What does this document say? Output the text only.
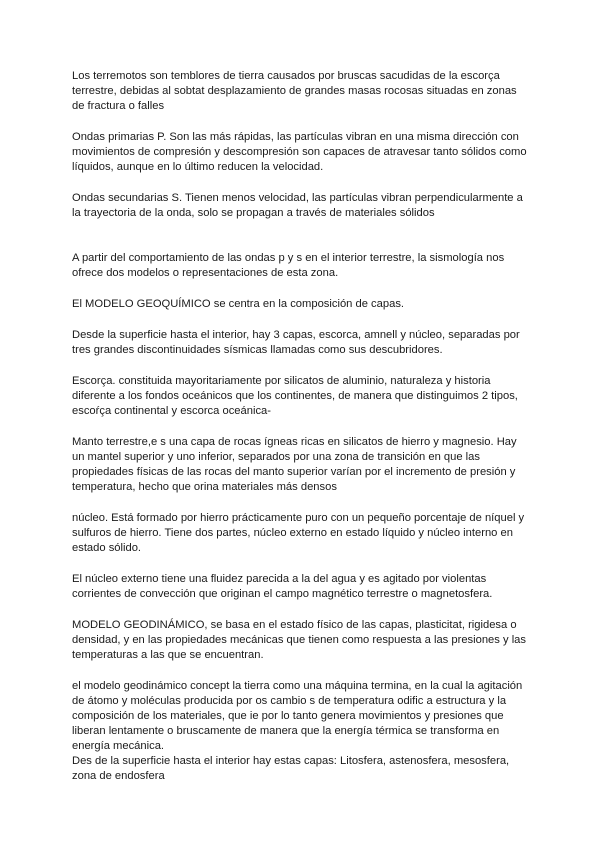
Los terremotos son temblores de tierra causados por bruscas sacudidas de la escorça terrestre, debidas al sobtat desplazamiento de grandes masas rocosas situadas en zonas de fractura o falles

Ondas primarias P. Son las más rápidas, las partículas vibran en una misma dirección con movimientos de compresión y descompresión son capaces de atravesar tanto sólidos como líquidos, aunque en lo último reducen la velocidad.

Ondas secundarias S. Tienen menos velocidad, las partículas vibran perpendicularmente a la trayectoria de la onda, solo se propagan a través de materiales sólidos

A partir del comportamiento de las ondas p y s en el interior terrestre, la sismología nos ofrece dos modelos o representaciones de esta zona.

El MODELO GEOQUÍMICO se centra en la composición de capas.

Desde la superficie hasta el interior, hay 3 capas, escorca, amnell y núcleo, separadas por tres grandes discontinuidades sísmicas llamadas como sus descubridores.

Escorça. constituida mayoritariamente por silicatos de aluminio, naturaleza y historia diferente a los fondos oceánicos que los continentes, de manera que distinguimos 2 tipos, escoŕça continental y escorca oceánica-

Manto terrestre,e s una capa de rocas ígneas ricas en silicatos de hierro y magnesio. Hay un mantel superior y uno inferior, separados por una zona de transición en que las propiedades físicas de las rocas del manto superior varían por el incremento de presión y temperatura, hecho que orina materiales más densos

núcleo. Está formado por hierro prácticamente puro con un pequeño porcentaje de níquel y sulfuros de hierro. Tiene dos partes, núcleo externo en estado líquido y núcleo interno en estado sólido.

El núcleo externo tiene una fluidez parecida a la del agua y es agitado por violentas corrientes de convección que originan el campo magnético terrestre o magnetosfera.

MODELO GEODINÁMICO, se basa en el estado físico de las capas, plasticitat, rigidesa o densidad, y en las propiedades mecánicas que tienen como respuesta a las presiones y las temperaturas a las que se encuentran.

el modelo geodinámico concept la tierra como una máquina termina, en la cual la agitación de átomo y moléculas producida por os cambio s de temperatura odific a estructura y la composición de los materiales, que ie por lo tanto genera movimientos y presiones que liberan lentamente o bruscamente de manera que la energía térmica se transforma en energía mecánica.

Des de la superficie hasta el interior hay estas capas: Litosfera, astenosfera, mesosfera, zona de endosfera
